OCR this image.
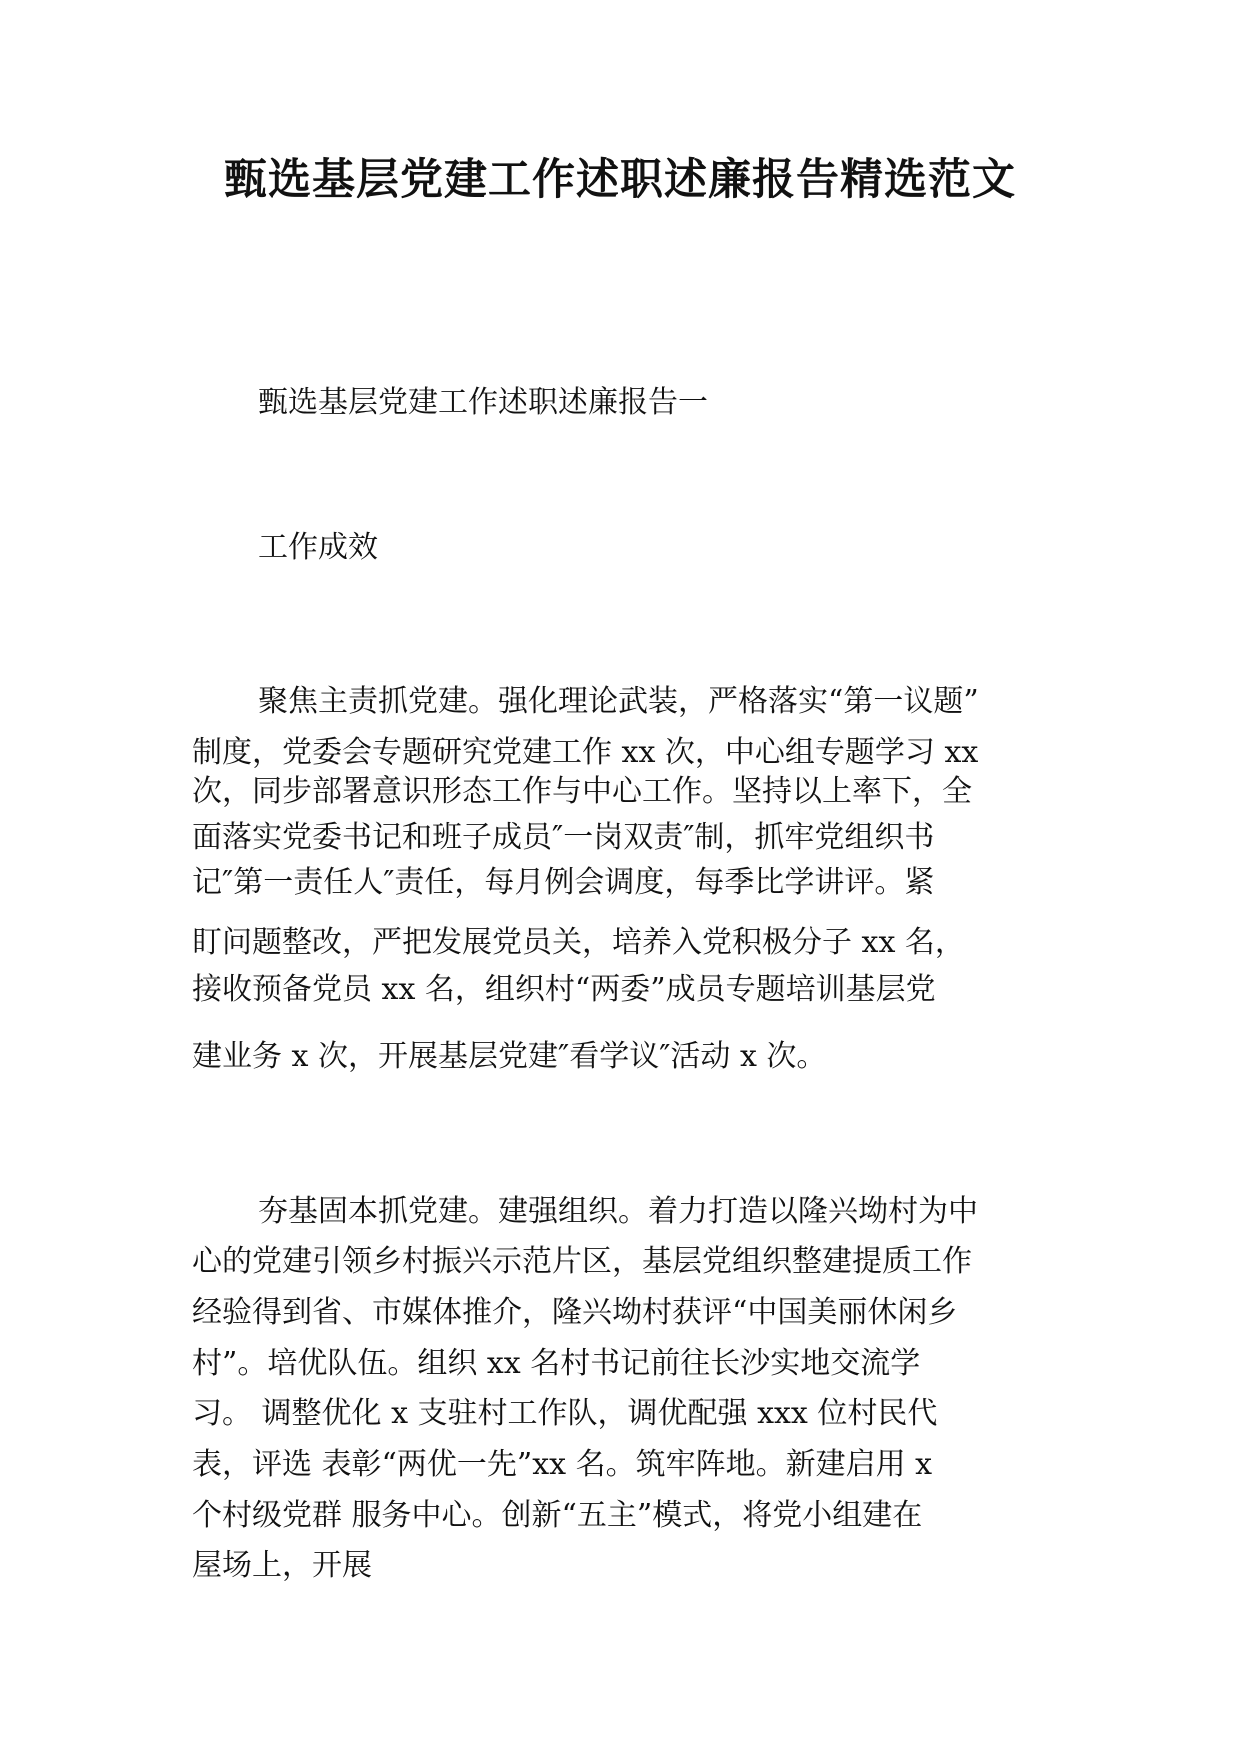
甄选基层党建工作述职述廉报告精选范文
甄选基层党建工作述职述廉报告一
工作成效
聚焦主责抓党建。强化理论武装，严格落实“第一议题”
制度，党委会专题研究党建工作 xx 次，中心组专题学习 xx
次，同步部署意识形态工作与中心工作。坚持以上率下，全
面落实党委书记和班子成员″一岗双责″制，抓牢党组织书
记″第一责任人″责任，每月例会调度，每季比学讲评。紧
盯问题整改，严把发展党员关，培养入党积极分子 xx 名，
接收预备党员 xx 名，组织村“两委”成员专题培训基层党
建业务 x 次，开展基层党建″看学议″活动 x 次。
夯基固本抓党建。建强组织。着力打造以隆兴坳村为中
心的党建引领乡村振兴示范片区，基层党组织整建提质工作
经验得到省、市媒体推介，隆兴坳村获评“中国美丽休闲乡
村”。培优队伍。组织 xx 名村书记前往长沙实地交流学
习。 调整优化 x 支驻村工作队，调优配强 xxx 位村民代
表，评选 表彰“两优一先”xx 名。筑牢阵地。新建启用 x
个村级党群 服务中心。创新“五主”模式，将党小组建在
屋场上，开展
